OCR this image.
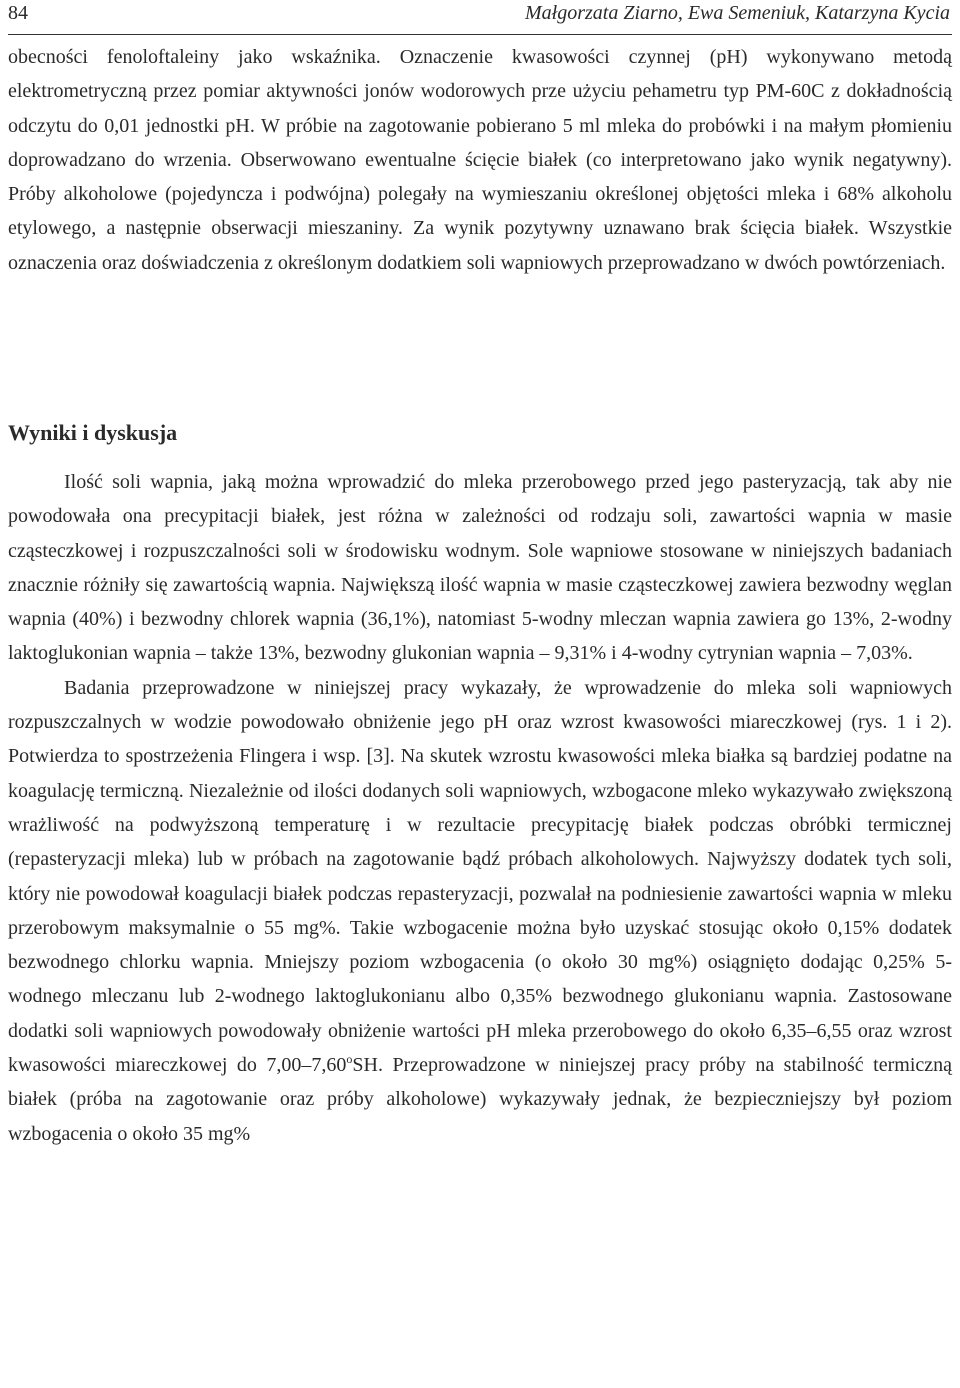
84	Małgorzata Ziarno, Ewa Semeniuk, Katarzyna Kycia

obecności fenoloftaleiny jako wskaźnika. Oznaczenie kwasowości czynnej (pH) wykonywano metodą elektrometryczną przez pomiar aktywności jonów wodorowych prze użyciu pehametru typ PM-60C z dokładnością odczytu do 0,01 jednostki pH. W próbie na zagotowanie pobierano 5 ml mleka do probówki i na małym płomieniu doprowadzano do wrzenia. Obserwowano ewentualne ścięcie białek (co interpretowano jako wynik negatywny). Próby alkoholowe (pojedyncza i podwójna) polegały na wymieszaniu określonej objętości mleka i 68% alkoholu etylowego, a następnie obserwacji mieszaniny. Za wynik pozytywny uznawano brak ścięcia białek. Wszystkie oznaczenia oraz doświadczenia z określonym dodatkiem soli wapniowych przeprowadzano w dwóch powtórzeniach.

Wyniki i dyskusja

Ilość soli wapnia, jaką można wprowadzić do mleka przerobowego przed jego pasteryzacją, tak aby nie powodowała ona precypitacji białek, jest różna w zależności od rodzaju soli, zawartości wapnia w masie cząsteczkowej i rozpuszczalności soli w środowisku wodnym. Sole wapniowe stosowane w niniejszych badaniach znacznie różniły się zawartością wapnia. Największą ilość wapnia w masie cząsteczkowej zawiera bezwodny węglan wapnia (40%) i bezwodny chlorek wapnia (36,1%), natomiast 5-wodny mleczan wapnia zawiera go 13%, 2-wodny laktoglukonian wapnia – także 13%, bezwodny glukonian wapnia – 9,31% i 4-wodny cytrynian wapnia – 7,03%.

Badania przeprowadzone w niniejszej pracy wykazały, że wprowadzenie do mleka soli wapniowych rozpuszczalnych w wodzie powodowało obniżenie jego pH oraz wzrost kwasowości miareczkowej (rys. 1 i 2). Potwierdza to spostrzeżenia Flingera i wsp. [3]. Na skutek wzrostu kwasowości mleka białka są bardziej podatne na koagulację termiczną. Niezależnie od ilości dodanych soli wapniowych, wzbogacone mleko wykazywało zwiększoną wrażliwość na podwyższoną temperaturę i w rezultacie precypitację białek podczas obróbki termicznej (repasteryzacji mleka) lub w próbach na zagotowanie bądź próbach alkoholowych. Najwyższy dodatek tych soli, który nie powodował koagulacji białek podczas repasteryzacji, pozwalał na podniesienie zawartości wapnia w mleku przerobowym maksymalnie o 55 mg%. Takie wzbogacenie można było uzyskać stosując około 0,15% dodatek bezwodnego chlorku wapnia. Mniejszy poziom wzbogacenia (o około 30 mg%) osiągnięto dodając 0,25% 5-wodnego mleczanu lub 2-wodnego laktoglukonianu albo 0,35% bezwodnego glukonianu wapnia. Zastosowane dodatki soli wapniowych powodowały obniżenie wartości pH mleka przerobowego do około 6,35–6,55 oraz wzrost kwasowości miareczkowej do 7,00–7,60$^o$SH. Przeprowadzone w niniejszej pracy próby na stabilność termiczną białek (próba na zagotowanie oraz próby alkoholowe) wykazywały jednak, że bezpieczniejszy był poziom wzbogacenia o około 35 mg%
